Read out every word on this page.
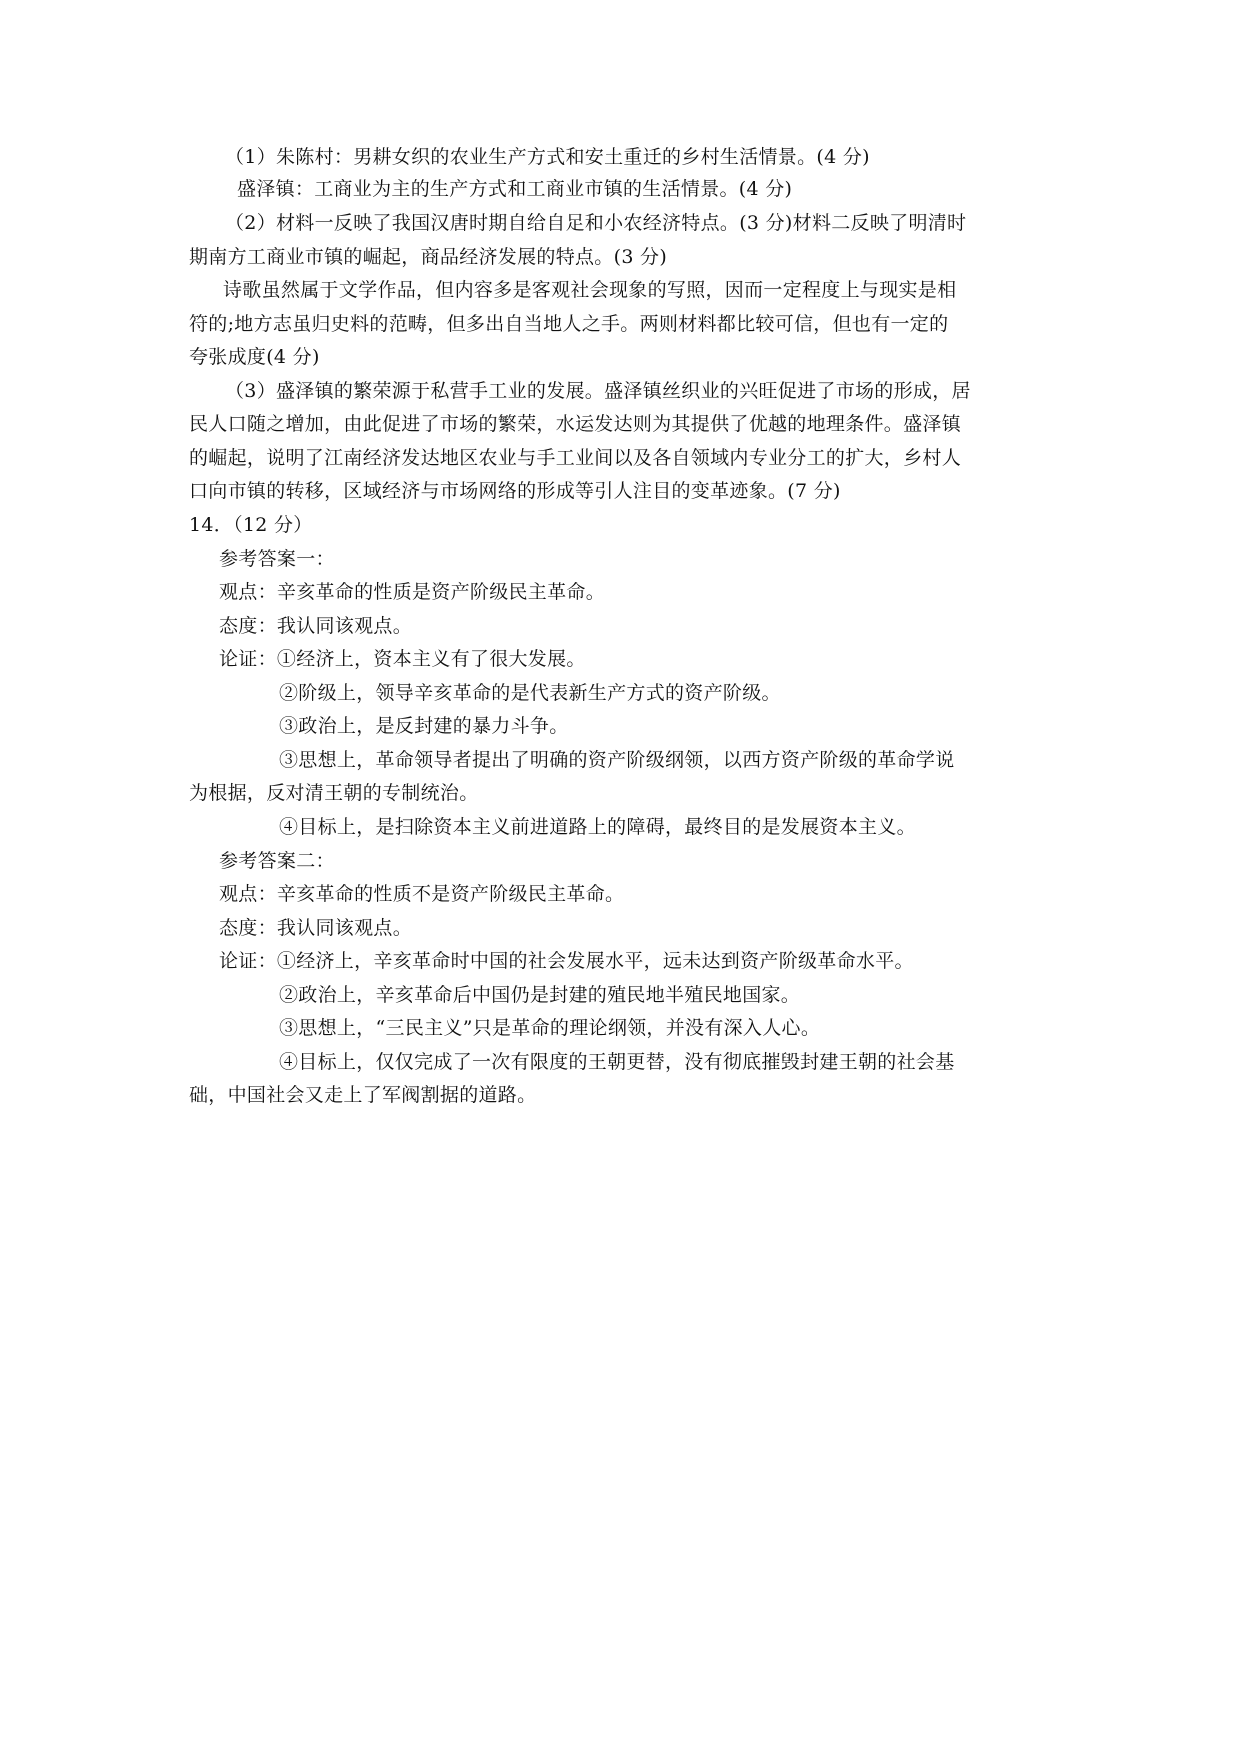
（1）朱陈村：男耕女织的农业生产方式和安土重迁的乡村生活情景。(4 分)
盛泽镇：工商业为主的生产方式和工商业市镇的生活情景。(4 分)
（2）材料一反映了我国汉唐时期自给自足和小农经济特点。(3 分)材料二反映了明清时
期南方工商业市镇的崛起，商品经济发展的特点。(3 分)
诗歌虽然属于文学作品，但内容多是客观社会现象的写照，因而一定程度上与现实是相
符的;地方志虽归史料的范畴，但多出自当地人之手。两则材料都比较可信，但也有一定的
夸张成度(4 分)
（3）盛泽镇的繁荣源于私营手工业的发展。盛泽镇丝织业的兴旺促进了市场的形成，居
民人口随之增加，由此促进了市场的繁荣，水运发达则为其提供了优越的地理条件。盛泽镇
的崛起，说明了江南经济发达地区农业与手工业间以及各自领域内专业分工的扩大，乡村人
口向市镇的转移，区域经济与市场网络的形成等引人注目的变革迹象。(7 分)
14．（12 分）
参考答案一：
观点：辛亥革命的性质是资产阶级民主革命。
态度：我认同该观点。
论证：①经济上，资本主义有了很大发展。
②阶级上，领导辛亥革命的是代表新生产方式的资产阶级。
③政治上，是反封建的暴力斗争。
③思想上，革命领导者提出了明确的资产阶级纲领，以西方资产阶级的革命学说
为根据，反对清王朝的专制统治。
④目标上，是扫除资本主义前进道路上的障碍，最终目的是发展资本主义。
参考答案二：
观点：辛亥革命的性质不是资产阶级民主革命。
态度：我认同该观点。
论证：①经济上，辛亥革命时中国的社会发展水平，远未达到资产阶级革命水平。
②政治上，辛亥革命后中国仍是封建的殖民地半殖民地国家。
③思想上，“三民主义”只是革命的理论纲领，并没有深入人心。
④目标上，仅仅完成了一次有限度的王朝更替，没有彻底摧毁封建王朝的社会基
础，中国社会又走上了军阀割据的道路。
